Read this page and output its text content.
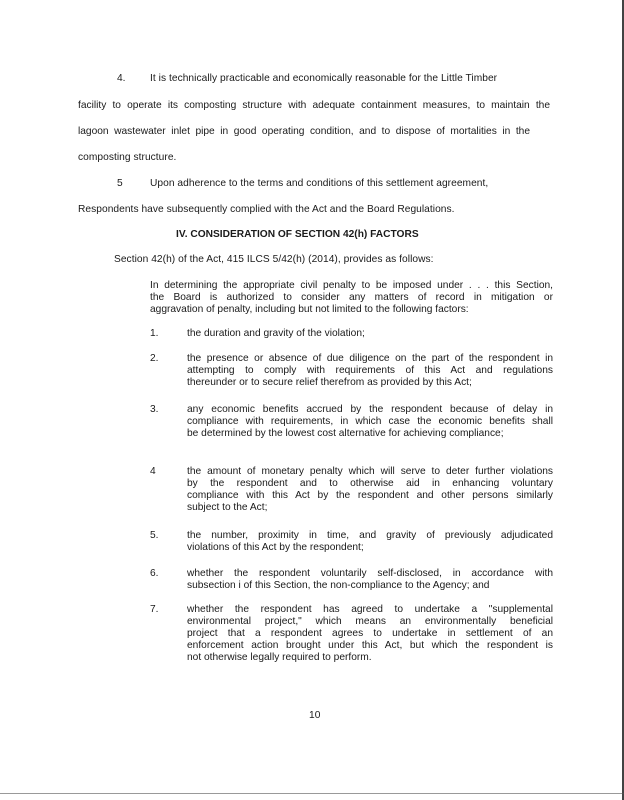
4. It is technically practicable and economically reasonable for the Little Timber
facility to operate its composting structure with adequate containment measures, to maintain the
lagoon wastewater inlet pipe in good operating condition, and to dispose of mortalities in the
composting structure.
5	Upon adherence to the terms and conditions of this settlement agreement,
Respondents have subsequently complied with the Act and the Board Regulations.
IV. CONSIDERATION OF SECTION 42(h) FACTORS
Section 42(h) of the Act, 415 ILCS 5/42(h) (2014), provides as follows:
In determining the appropriate civil penalty to be imposed under . . . this Section,
the Board is authorized to consider any matters of record in mitigation or
aggravation of penalty, including but not limited to the following factors:
1.	the duration and gravity of the violation;
2.	the presence or absence of due diligence on the part of the respondent in
attempting to comply with requirements of this Act and regulations
thereunder or to secure relief therefrom as provided by this Act;
3.	any economic benefits accrued by the respondent because of delay in
compliance with requirements, in which case the economic benefits shall
be determined by the lowest cost alternative for achieving compliance;
4	the amount of monetary penalty which will serve to deter further violations
by the respondent and to otherwise aid in enhancing voluntary
compliance with this Act by the respondent and other persons similarly
subject to the Act;
5.	the number, proximity in time, and gravity of previously adjudicated
violations of this Act by the respondent;
6.	whether the respondent voluntarily self-disclosed, in accordance with
subsection i of this Section, the non-compliance to the Agency; and
7.	whether the respondent has agreed to undertake a "supplemental
environmental project," which means an environmentally beneficial
project that a respondent agrees to undertake in settlement of an
enforcement action brought under this Act, but which the respondent is
not otherwise legally required to perform.
10
